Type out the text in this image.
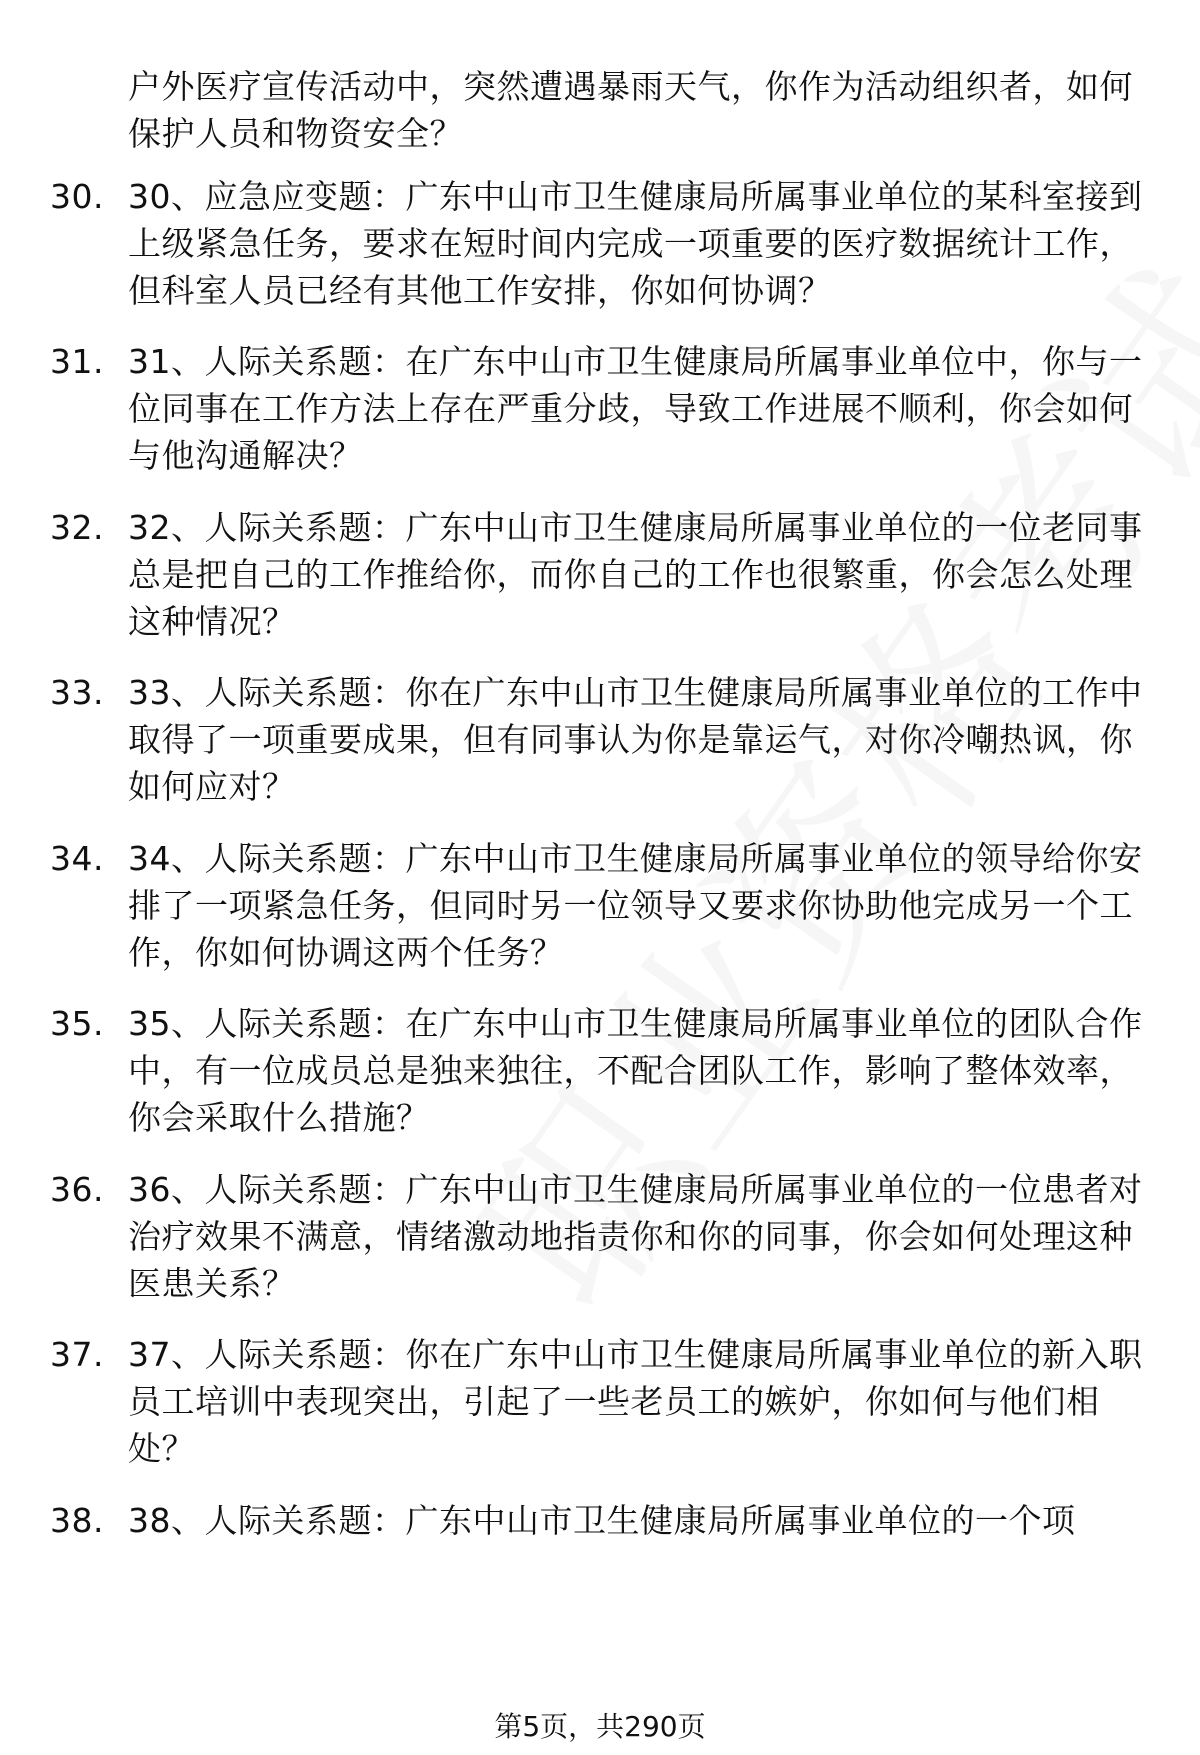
户外医疗宣传活动中，突然遭遇暴雨天气，你作为活动组织者，如何保护人员和物资安全？
30. 30、应急应变题：广东中山市卫生健康局所属事业单位的某科室接到上级紧急任务，要求在短时间内完成一项重要的医疗数据统计工作，但科室人员已经有其他工作安排，你如何协调？
31. 31、人际关系题：在广东中山市卫生健康局所属事业单位中，你与一位同事在工作方法上存在严重分歧，导致工作进展不顺利，你会如何与他沟通解决？
32. 32、人际关系题：广东中山市卫生健康局所属事业单位的一位老同事总是把自己的工作推给你，而你自己的工作也很繁重，你会怎么处理这种情况？
33. 33、人际关系题：你在广东中山市卫生健康局所属事业单位的工作中取得了一项重要成果，但有同事认为你是靠运气，对你冷嘲热讽，你如何应对？
34. 34、人际关系题：广东中山市卫生健康局所属事业单位的领导给你安排了一项紧急任务，但同时另一位领导又要求你协助他完成另一个工作，你如何协调这两个任务？
35. 35、人际关系题：在广东中山市卫生健康局所属事业单位的团队合作中，有一位成员总是独来独往，不配合团队工作，影响了整体效率，你会采取什么措施？
36. 36、人际关系题：广东中山市卫生健康局所属事业单位的一位患者对治疗效果不满意，情绪激动地指责你和你的同事，你会如何处理这种医患关系？
37. 37、人际关系题：你在广东中山市卫生健康局所属事业单位的新入职员工培训中表现突出，引起了一些老员工的嫉妒，你如何与他们相处？
38. 38、人际关系题：广东中山市卫生健康局所属事业单位的一个项
第5页，共290页
